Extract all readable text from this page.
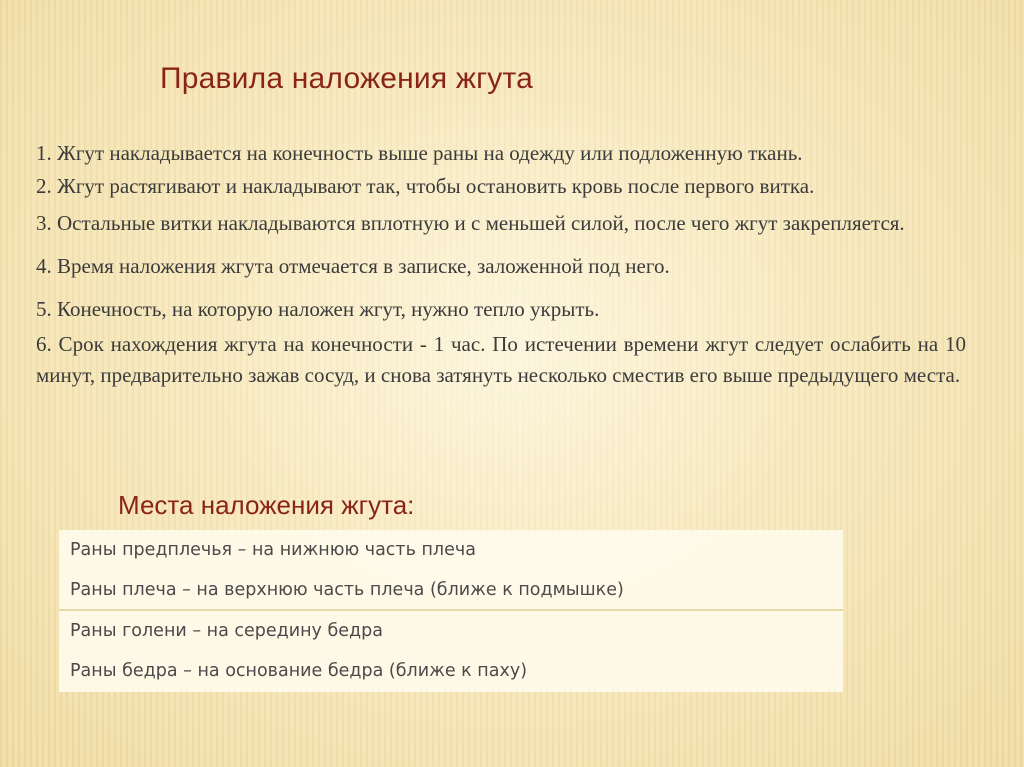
Правила наложения жгута

1. Жгут накладывается на конечность выше раны на одежду или подложенную ткань.

2. Жгут растягивают и накладывают так, чтобы остановить кровь после первого витка.

3. Остальные витки накладываются вплотную и с меньшей силой, после чего жгут закрепляется.

4. Время наложения жгута отмечается в записке, заложенной под него.

5. Конечность, на которую наложен жгут, нужно тепло укрыть.

6. Срок нахождения жгута на конечности - 1 час. По истечении времени жгут следует ослабить на 10 минут, предварительно зажав сосуд, и снова затянуть несколько сместив его выше предыдущего места.

Места наложения жгута:
Раны предплечья – на нижнюю часть плеча
Раны плеча – на верхнюю часть плеча (ближе к подмышке)
Раны голени – на середину бедра
Раны бедра – на основание бедра (ближе к паху)
